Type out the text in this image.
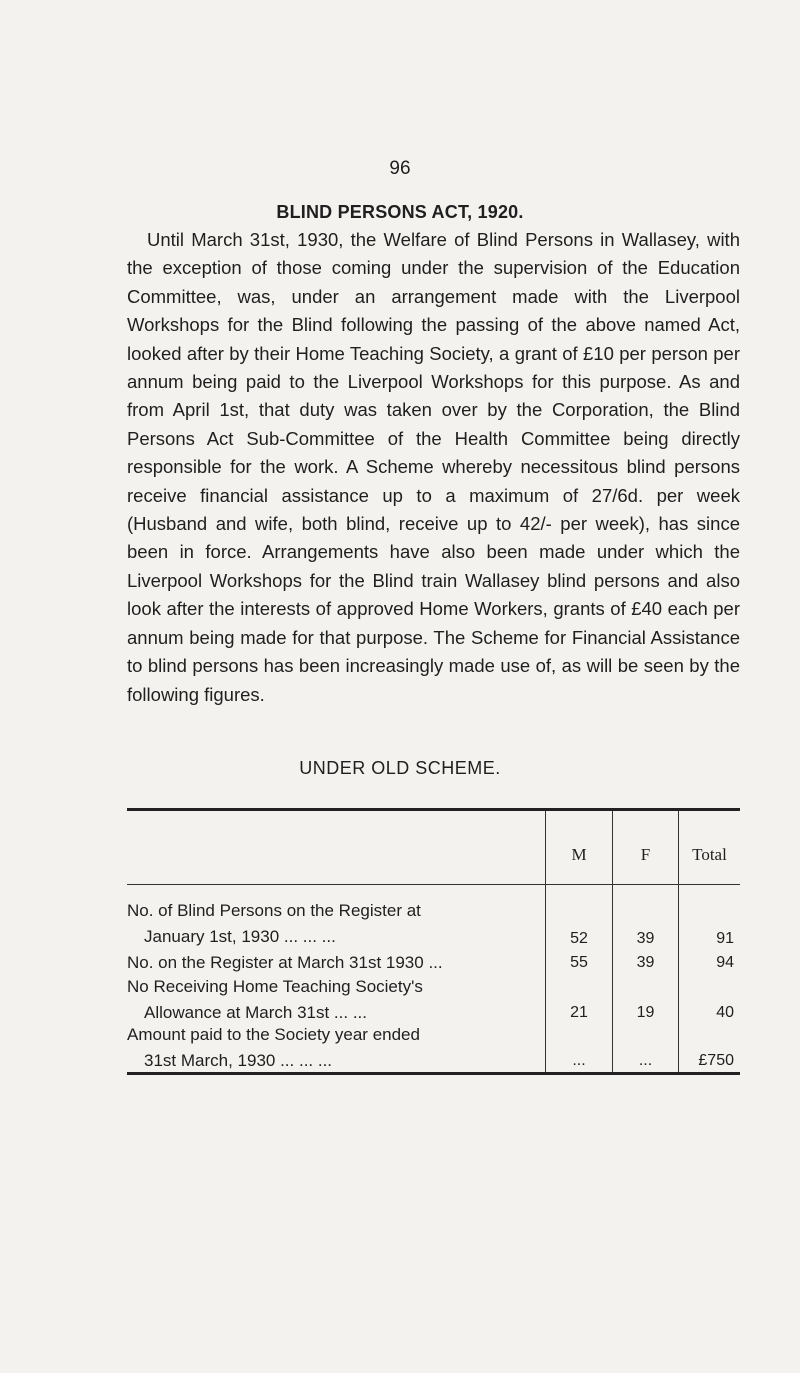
96
BLIND PERSONS ACT, 1920.

Until March 31st, 1930, the Welfare of Blind Persons in Wallasey, with the exception of those coming under the supervision of the Education Committee, was, under an arrangement made with the Liverpool Workshops for the Blind following the passing of the above named Act, looked after by their Home Teaching Society, a grant of £10 per person per annum being paid to the Liverpool Workshops for this purpose. As and from April 1st, that duty was taken over by the Corporation, the Blind Persons Act Sub-Committee of the Health Committee being directly responsible for the work. A Scheme whereby necessitous blind persons receive financial assistance up to a maximum of 27/6d. per week (Husband and wife, both blind, receive up to 42/- per week), has since been in force. Arrangements have also been made under which the Liverpool Workshops for the Blind train Wallasey blind persons and also look after the interests of approved Home Workers, grants of £40 each per annum being made for that purpose. The Scheme for Financial Assistance to blind persons has been increasingly made use of, as will be seen by the following figures.

UNDER OLD SCHEME.
M	F	Total
No. of Blind Persons on the Register at
January 1st, 1930 ... ... ...	52	39	91
No. on the Register at March 31st 1930 ...	55	39	94
No Receiving Home Teaching Society's
Allowance at March 31st ... ...	21	19	40
Amount paid to the Society year ended
31st March, 1930 ... ... ...	...	...	£750
